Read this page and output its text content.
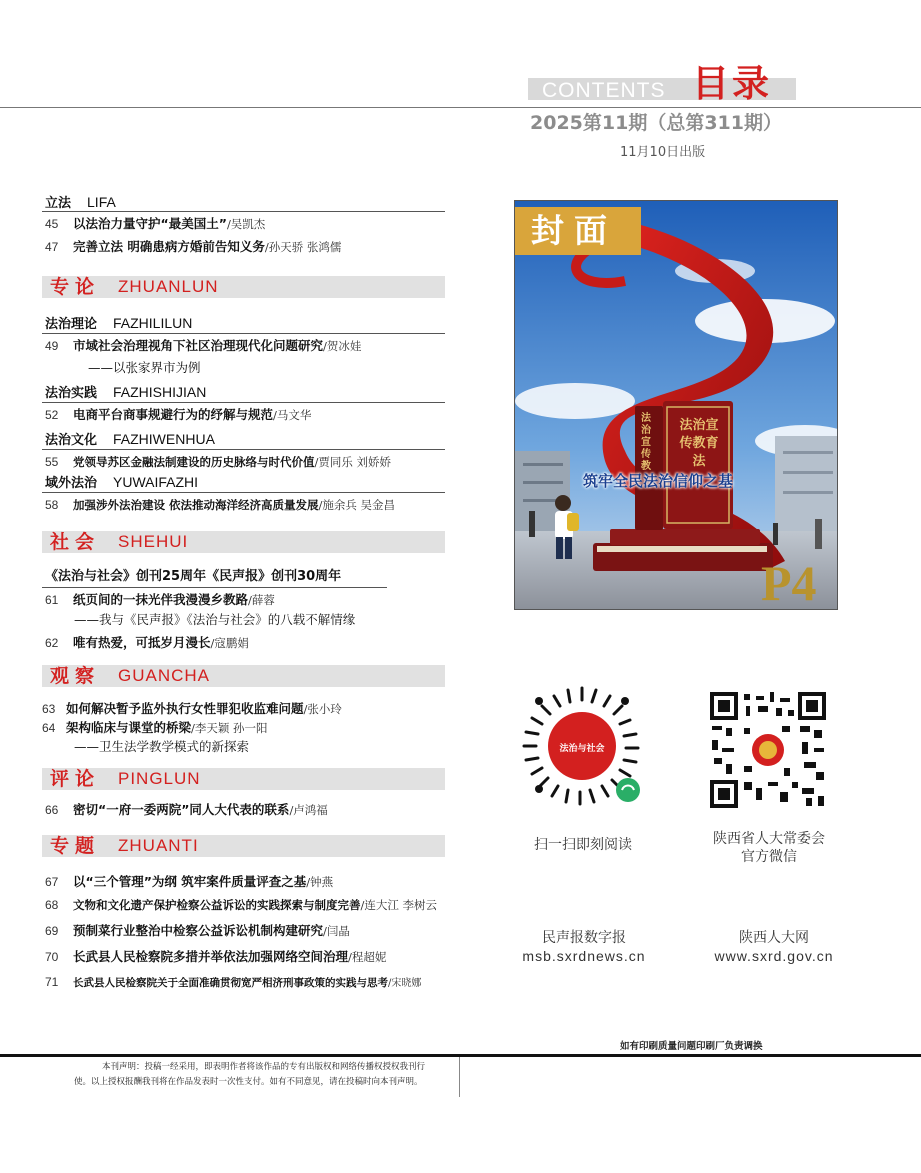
CONTENTS 目录
2025第11期（总第311期）
11月10日出版
立法 LIFA
45 以法治力量守护“最美国土”/吴凯杰
47 完善立法 明确患病方婚前告知义务/孙天骄 张鸿儒
专论 ZHUANLUN
法治理论 FAZHILILUN
49 市域社会治理视角下社区治理现代化问题研究/贺冰娃
——以张家界市为例
法治实践 FAZHISHIJIAN
52 电商平台商事规避行为的纾解与规范/马文华
法治文化 FAZHIWENHUA
55 党领导苏区金融法制建设的历史脉络与时代价值/贾同乐 刘娇娇
域外法治 YUWAIFAZHI
58 加强涉外法治建设 依法推动海洋经济高质量发展/施余兵 吴金昌
社会 SHEHUI
《法治与社会》创刊25周年《民声报》创刊30周年
61 纸页间的一抹光伴我漫漫乡教路/薛蓉
——我与《民声报》《法治与社会》的八载不解情缘
62 唯有热爱，可抵岁月漫长/寇鹏娟
观察 GUANCHA
63 如何解决暂予监外执行女性罪犯收监难问题/张小玲
64 架构临床与课堂的桥梁/李天颖 孙一阳
——卫生法学教学模式的新探索
评论 PINGLUN
66 密切“一府一委两院”同人大代表的联系/卢鸿福
专题 ZHUANTI
67 以“三个管理”为纲 筑牢案件质量评查之基/钟燕
68 文物和文化遗产保护检察公益诉讼的实践探索与制度完善/连大江 李树云
69 预制菜行业整治中检察公益诉讼机制构建研究/闫晶
70 长武县人民检察院多措并举依法加强网络空间治理/程超妮
71 长武县人民检察院关于全面准确贯彻宽严相济刑事政策的实践与思考/宋晓娜
封面
法治宣传教育法
法治宣传教
筑牢全民法治信仰之基
P4
法治与社会
扫一扫即刻阅读	陕西省人大常委会
官方微信
民声报数字报
msb.sxrdnews.cn
陕西人大网
www.sxrd.gov.cn
如有印刷质量问题印刷厂负责调换
本刊声明：投稿一经采用，即表明作者将该作品的专有出版权和网络传播权授权我刊行
使。以上授权报酬我刊将在作品发表时一次性支付。如有不同意见，请在投稿时向本刊声明。
